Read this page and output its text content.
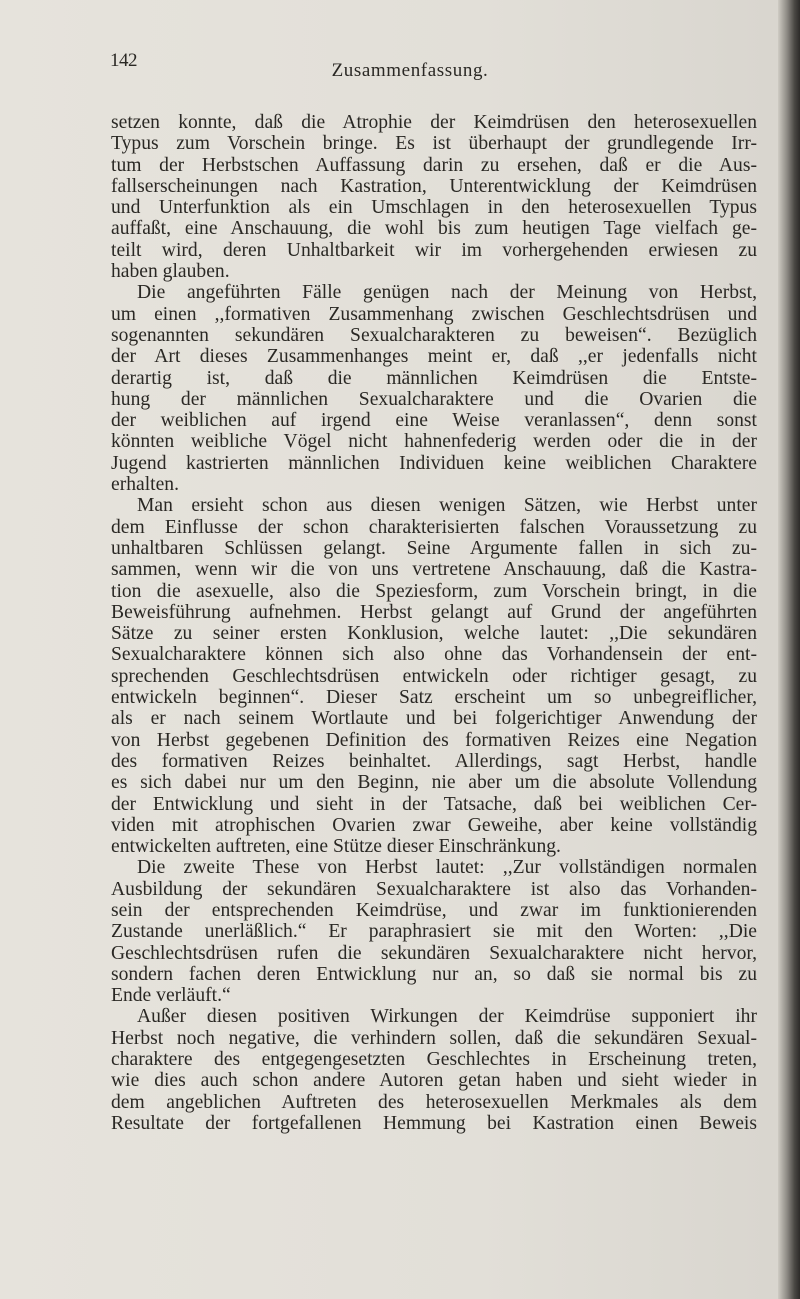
142	Zusammenfassung.
setzen konnte, daß die Atrophie der Keimdrüsen den heterosexuellen
Typus zum Vorschein bringe. Es ist überhaupt der grundlegende Irr-
tum der Herbstschen Auffassung darin zu ersehen, daß er die Aus-
fallserscheinungen nach Kastration, Unterentwicklung der Keimdrüsen
und Unterfunktion als ein Umschlagen in den heterosexuellen Typus
auffaßt, eine Anschauung, die wohl bis zum heutigen Tage vielfach ge-
teilt wird, deren Unhaltbarkeit wir im vorhergehenden erwiesen zu
haben glauben.
Die angeführten Fälle genügen nach der Meinung von Herbst,
um einen ,,formativen Zusammenhang zwischen Geschlechtsdrüsen und
sogenannten sekundären Sexualcharakteren zu beweisen“. Bezüglich
der Art dieses Zusammenhanges meint er, daß ,,er jedenfalls nicht
derartig ist, daß die männlichen Keimdrüsen die Entste-
hung der männlichen Sexualcharaktere und die Ovarien die
der weiblichen auf irgend eine Weise veranlassen“, denn sonst
könnten weibliche Vögel nicht hahnenfederig werden oder die in der
Jugend kastrierten männlichen Individuen keine weiblichen Charaktere
erhalten.
Man ersieht schon aus diesen wenigen Sätzen, wie Herbst unter
dem Einflusse der schon charakterisierten falschen Voraussetzung zu
unhaltbaren Schlüssen gelangt. Seine Argumente fallen in sich zu-
sammen, wenn wir die von uns vertretene Anschauung, daß die Kastra-
tion die asexuelle, also die Speziesform, zum Vorschein bringt, in die
Beweisführung aufnehmen. Herbst gelangt auf Grund der angeführten
Sätze zu seiner ersten Konklusion, welche lautet: ,,Die sekundären
Sexualcharaktere können sich also ohne das Vorhandensein der ent-
sprechenden Geschlechtsdrüsen entwickeln oder richtiger gesagt, zu
entwickeln beginnen“. Dieser Satz erscheint um so unbegreiflicher,
als er nach seinem Wortlaute und bei folgerichtiger Anwendung der
von Herbst gegebenen Definition des formativen Reizes eine Negation
des formativen Reizes beinhaltet. Allerdings, sagt Herbst, handle
es sich dabei nur um den Beginn, nie aber um die absolute Vollendung
der Entwicklung und sieht in der Tatsache, daß bei weiblichen Cer-
viden mit atrophischen Ovarien zwar Geweihe, aber keine vollständig
entwickelten auftreten, eine Stütze dieser Einschränkung.
Die zweite These von Herbst lautet: ,,Zur vollständigen normalen
Ausbildung der sekundären Sexualcharaktere ist also das Vorhanden-
sein der entsprechenden Keimdrüse, und zwar im funktionierenden
Zustande unerläßlich.“ Er paraphrasiert sie mit den Worten: ,,Die
Geschlechtsdrüsen rufen die sekundären Sexualcharaktere nicht hervor,
sondern fachen deren Entwicklung nur an, so daß sie normal bis zu
Ende verläuft.“
Außer diesen positiven Wirkungen der Keimdrüse supponiert ihr
Herbst noch negative, die verhindern sollen, daß die sekundären Sexual-
charaktere des entgegengesetzten Geschlechtes in Erscheinung treten,
wie dies auch schon andere Autoren getan haben und sieht wieder in
dem angeblichen Auftreten des heterosexuellen Merkmales als dem
Resultate der fortgefallenen Hemmung bei Kastration einen Beweis
